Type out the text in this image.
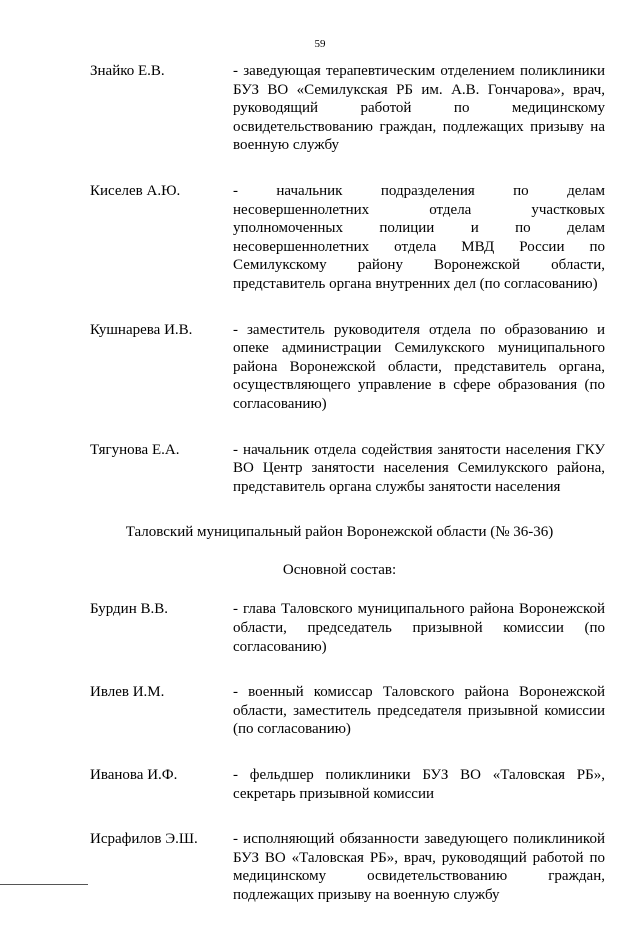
59
Знайко Е.В.	- заведующая терапевтическим отделением поликлиники БУЗ ВО «Семилукская РБ им. А.В. Гончарова», врач, руководящий работой по медицинскому освидетельствованию граждан, подлежащих призыву на военную службу
Киселев А.Ю.	- начальник подразделения по делам несовершеннолетних отдела участковых уполномоченных полиции и по делам несовершеннолетних отдела МВД России по Семилукскому району Воронежской области, представитель органа внутренних дел (по согласованию)
Кушнарева И.В.	- заместитель руководителя отдела по образованию и опеке администрации Семилукского муниципального района Воронежской области, представитель органа, осуществляющего управление в сфере образования (по согласованию)
Тягунова Е.А.	- начальник отдела содействия занятости населения ГКУ ВО Центр занятости населения Семилукского района, представитель органа службы занятости населения
Таловский муниципальный район Воронежской области (№ 36-36)
Основной состав:
Бурдин В.В.	- глава Таловского муниципального района Воронежской области, председатель призывной комиссии (по согласованию)
Ивлев И.М.	- военный комиссар Таловского района Воронежской области, заместитель председателя призывной комиссии (по согласованию)
Иванова И.Ф.	- фельдшер поликлиники БУЗ ВО «Таловская РБ», секретарь призывной комиссии
Исрафилов Э.Ш.	- исполняющий обязанности заведующего поликлиникой БУЗ ВО «Таловская РБ», врач, руководящий работой по медицинскому освидетельствованию граждан, подлежащих призыву на военную службу
